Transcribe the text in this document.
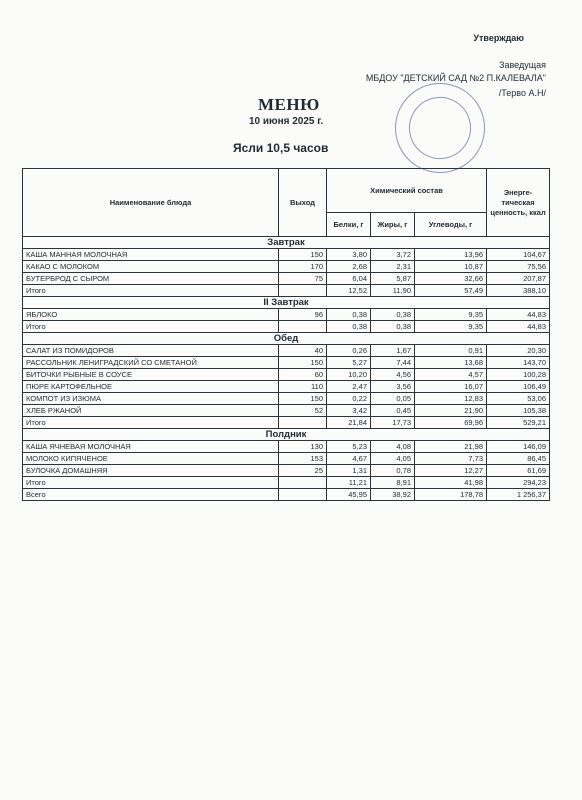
Утверждаю
Заведущая
МБДОУ "ДЕТСКИЙ САД №2 П.КАЛЕВАЛА"
/Терво А.Н/
МЕНЮ
10 июня 2025 г.
Ясли 10,5 часов
Наименование блюда	Выход	Химический состав			Энерге-тическая ценность, ккал
		Белки, г	Жиры, г	Углеводы, г	
Завтрак					
КАША МАННАЯ МОЛОЧНАЯ	150	3,80	3,72	13,96	104,67
КАКАО С МОЛОКОМ	170	2,68	2,31	10,87	75,56
БУТЕРБРОД С СЫРОМ	75	6,04	5,87	32,66	207,87
Итого		12,52	11,90	57,49	388,10
II Завтрак					
ЯБЛОКО	96	0,38	0,38	9,35	44,83
Итого		0,38	0,38	9,35	44,83
Обед					
САЛАТ ИЗ ПОМИДОРОВ	40	0,26	1,67	0,91	20,30
РАССОЛЬНИК ЛЕНИГРАДСКИЙ СО СМЕТАНОЙ	150	5,27	7,44	13,68	143,70
БИТОЧКИ РЫБНЫЕ В СОУСЕ	60	10,20	4,56	4,57	100,28
ПЮРЕ КАРТОФЕЛЬНОЕ	110	2,47	3,56	16,07	106,49
КОМПОТ ИЗ ИЗЮМА	150	0,22	0,05	12,83	53,06
ХЛЕБ РЖАНОЙ	52	3,42	0,45	21,90	105,38
Итого		21,84	17,73	69,96	529,21
Полдник					
КАША ЯЧНЕВАЯ МОЛОЧНАЯ	130	5,23	4,08	21,98	146,09
МОЛОКО КИПЯЧЕНОЕ	153	4,67	4,05	7,73	86,45
БУЛОЧКА ДОМАШНЯЯ	25	1,31	0,78	12,27	61,69
Итого		11,21	8,91	41,98	294,23
Всего		45,95	38,92	178,78	1 256,37
